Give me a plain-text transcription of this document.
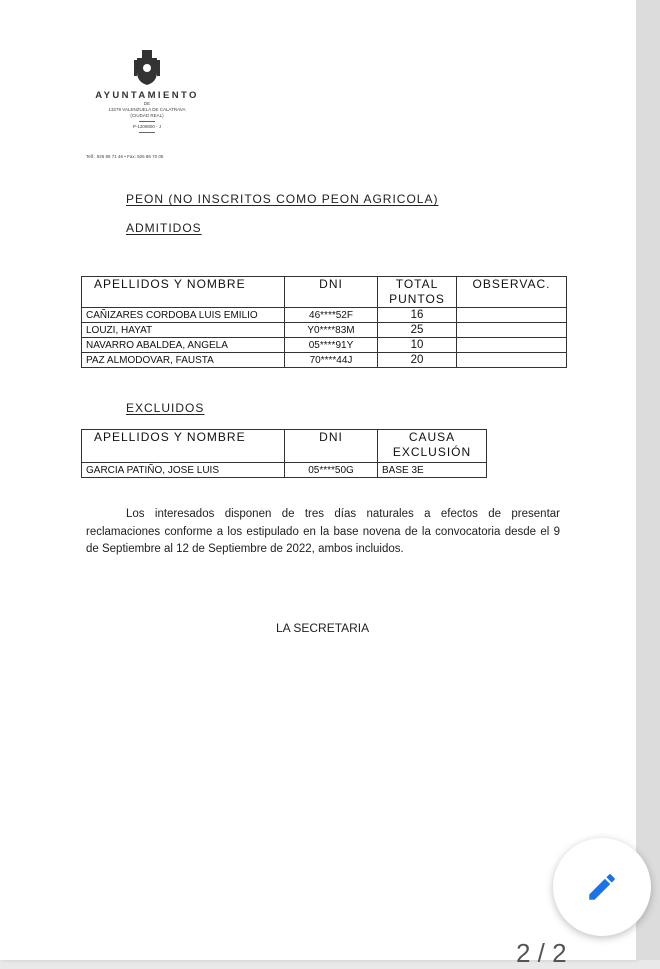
AYUNTAMIENTO
DE
13279 VALENZUELA DE CALATRAVA
(CIUDAD REAL)
P-1309800 - J
Telf.: 926 86 71 46 • Fax: 926 86 70 05
PEON (NO INSCRITOS COMO PEON AGRICOLA)
ADMITIDOS
APELLIDOS Y NOMBRE	DNI	TOTAL PUNTOS	OBSERVAC.
CAÑIZARES CORDOBA LUIS EMILIO	46****52F	16	
LOUZI, HAYAT	Y0****83M	25	
NAVARRO ABALDEA, ANGELA	05****91Y	10	
PAZ ALMODOVAR, FAUSTA	70****44J	20	
EXCLUIDOS
APELLIDOS Y NOMBRE	DNI	CAUSA EXCLUSIÓN
GARCIA PATIÑO, JOSE LUIS	05****50G	BASE 3E
Los interesados disponen de tres días naturales a efectos de presentar reclamaciones conforme a los estipulado en la base novena de la convocatoria desde el 9 de Septiembre al 12 de Septiembre de 2022, ambos incluidos.
LA SECRETARIA
2 / 2
